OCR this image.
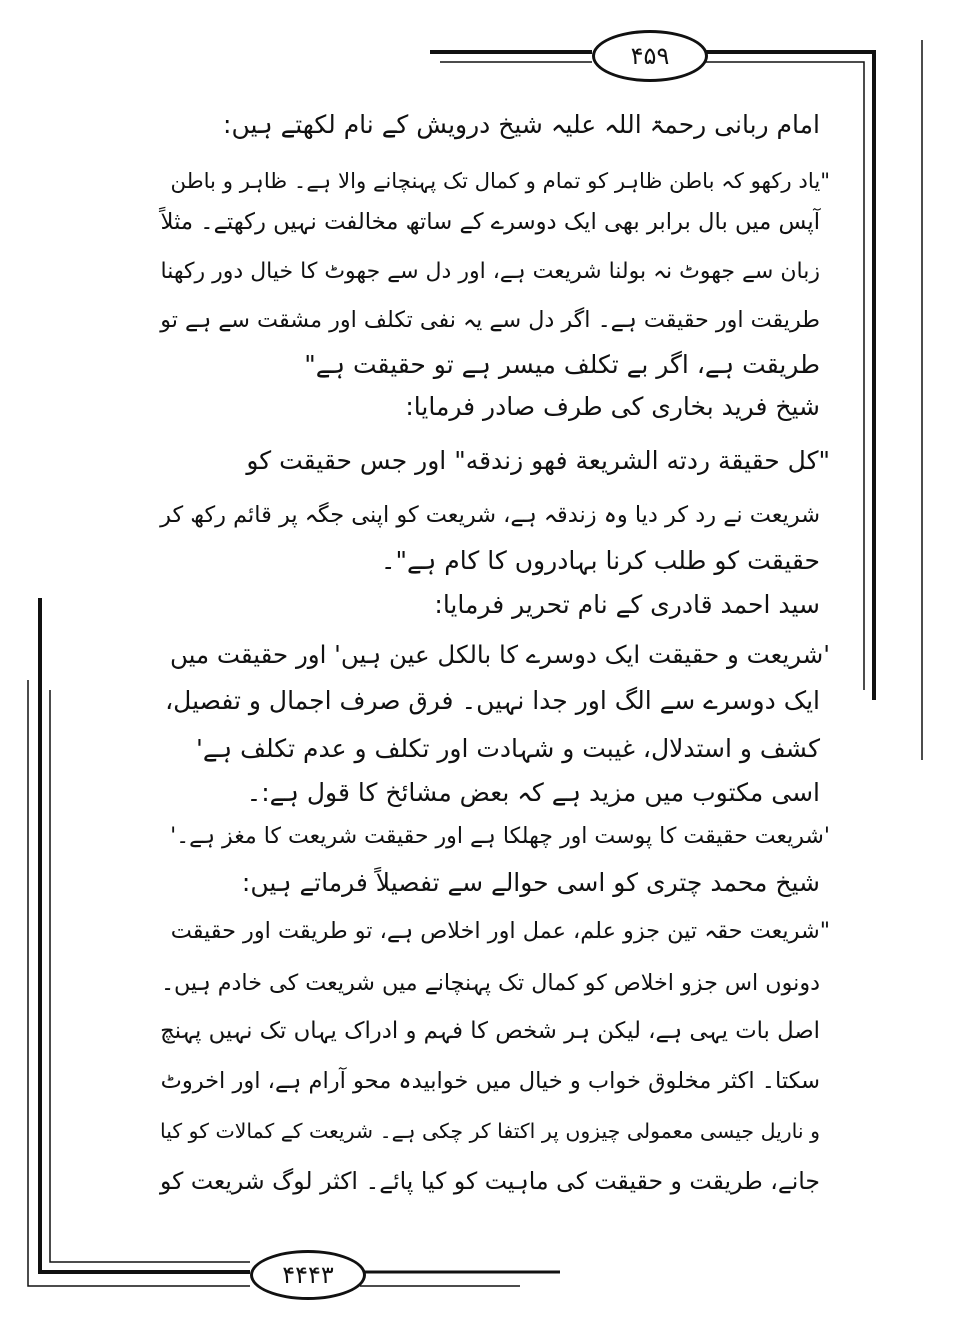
۴۵۹
۴۴۴۳
امام ربانی رحمۃ اللہ علیہ شیخ درویش کے نام لکھتے ہیں:
"یاد رکھو کہ باطن ظاہر کو تمام و کمال تک پہنچانے والا ہے۔ ظاہر و باطن
آپس میں بال برابر بھی ایک دوسرے کے ساتھ مخالفت نہیں رکھتے۔ مثلاً
زبان سے جھوٹ نہ بولنا شریعت ہے، اور دل سے جھوٹ کا خیال دور رکھنا
طریقت اور حقیقت ہے۔ اگر دل سے یہ نفی تکلف اور مشقت سے ہے تو
طریقت ہے، اگر بے تکلف میسر ہے تو حقیقت ہے"
شیخ فرید بخاری کی طرف صادر فرمایا:
"کل حقیقة ردته الشریعة فهو زندقه" اور جس حقیقت کو
شریعت نے رد کر دیا وہ زندقہ ہے، شریعت کو اپنی جگہ پر قائم رکھ کر
حقیقت کو طلب کرنا بہادروں کا کام ہے"۔
سید احمد قادری کے نام تحریر فرمایا:
'شریعت و حقیقت ایک دوسرے کا بالکل عین ہیں' اور حقیقت میں
ایک دوسرے سے الگ اور جدا نہیں۔ فرق صرف اجمال و تفصیل،
کشف و استدلال، غیبت و شہادت اور تکلف و عدم تکلف ہے'
اسی مکتوب میں مزید ہے کہ بعض مشائخ کا قول ہے:۔
'شریعت حقیقت کا پوست اور چھلکا ہے اور حقیقت شریعت کا مغز ہے۔'
شیخ محمد چتری کو اسی حوالے سے تفصیلاً فرماتے ہیں:
"شریعت حقہ تین جزو علم، عمل اور اخلاص ہے، تو طریقت اور حقیقت
دونوں اس جزو اخلاص کو کمال تک پہنچانے میں شریعت کی خادم ہیں۔
اصل بات یہی ہے، لیکن ہر شخص کا فہم و ادراک یہاں تک نہیں پہنچ
سکتا۔ اکثر مخلوق خواب و خیال میں خوابیدہ محو آرام ہے، اور اخروٹ
و ناریل جیسی معمولی چیزوں پر اکتفا کر چکی ہے۔ شریعت کے کمالات کو کیا
جانے، طریقت و حقیقت کی ماہیت کو کیا پائے۔ اکثر لوگ شریعت کو
